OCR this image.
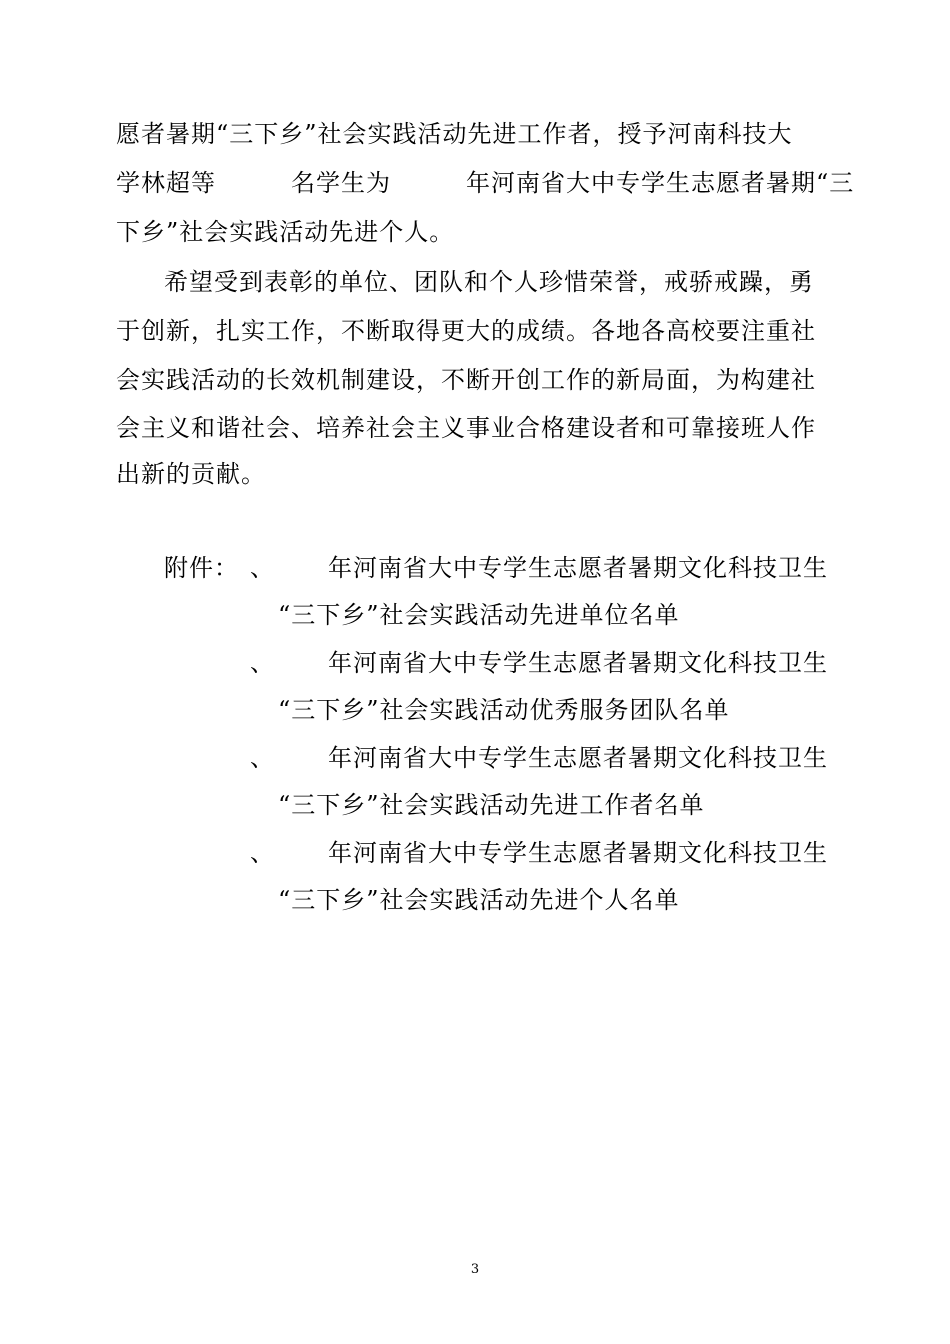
愿者暑期“三下乡”社会实践活动先进工作者，授予河南科技大
学林超等　　　名学生为　　　年河南省大中专学生志愿者暑期“三
下乡”社会实践活动先进个人。
希望受到表彰的单位、团队和个人珍惜荣誉，戒骄戒躁，勇
于创新，扎实工作，不断取得更大的成绩。各地各高校要注重社
会实践活动的长效机制建设，不断开创工作的新局面，为构建社
会主义和谐社会、培养社会主义事业合格建设者和可靠接班人作
出新的贡献。
附件： 、 年河南省大中专学生志愿者暑期文化科技卫生
“三下乡”社会实践活动先进单位名单
、 年河南省大中专学生志愿者暑期文化科技卫生
“三下乡”社会实践活动优秀服务团队名单
、 年河南省大中专学生志愿者暑期文化科技卫生
“三下乡”社会实践活动先进工作者名单
、 年河南省大中专学生志愿者暑期文化科技卫生
“三下乡”社会实践活动先进个人名单
3
